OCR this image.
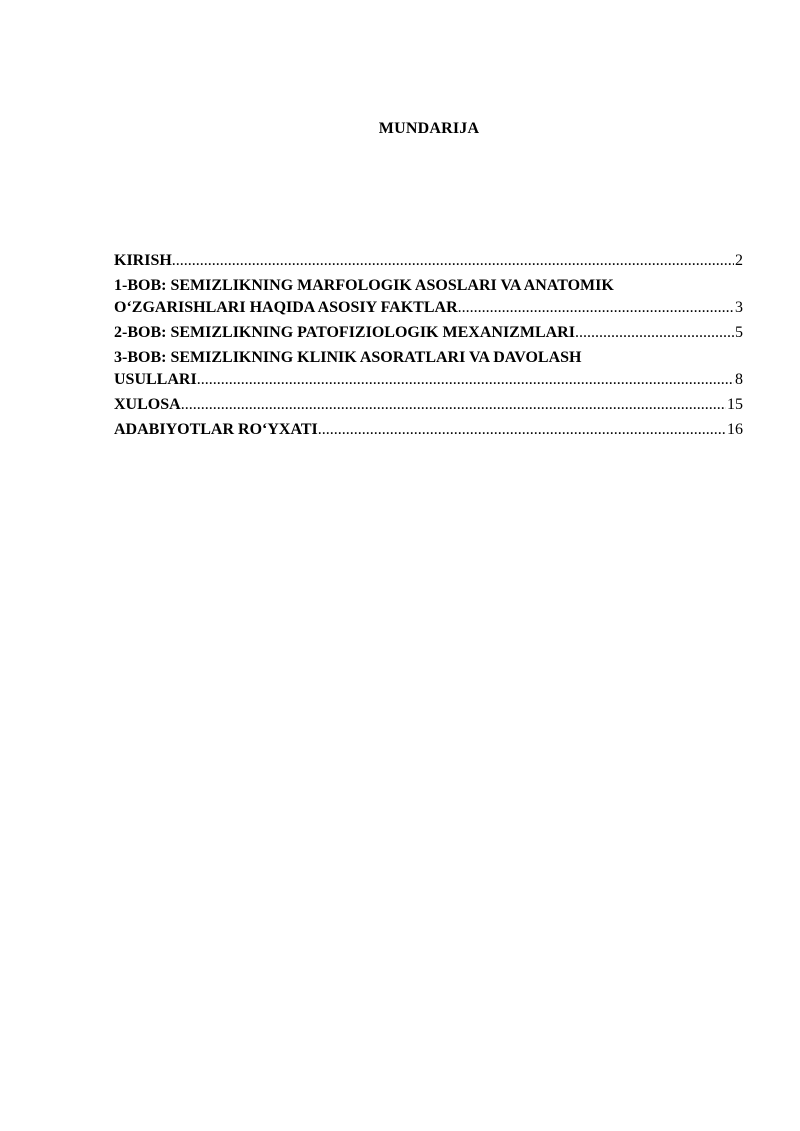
MUNDARIJA
KIRISH .....	2
1-BOB: SEMIZLIKNING MARFOLOGIK ASOSLARI VA ANATOMIK
O‘ZGARISHLARI HAQIDA ASOSIY FAKTLAR .....	3
2-BOB: SEMIZLIKNING PATOFIZIOLOGIK MEXANIZMLARI .....	5
3-BOB: SEMIZLIKNING KLINIK ASORATLARI VA DAVOLASH
USULLARI .....	8
XULOSA .....	15
ADABIYOTLAR RO‘YXATI .....	16
